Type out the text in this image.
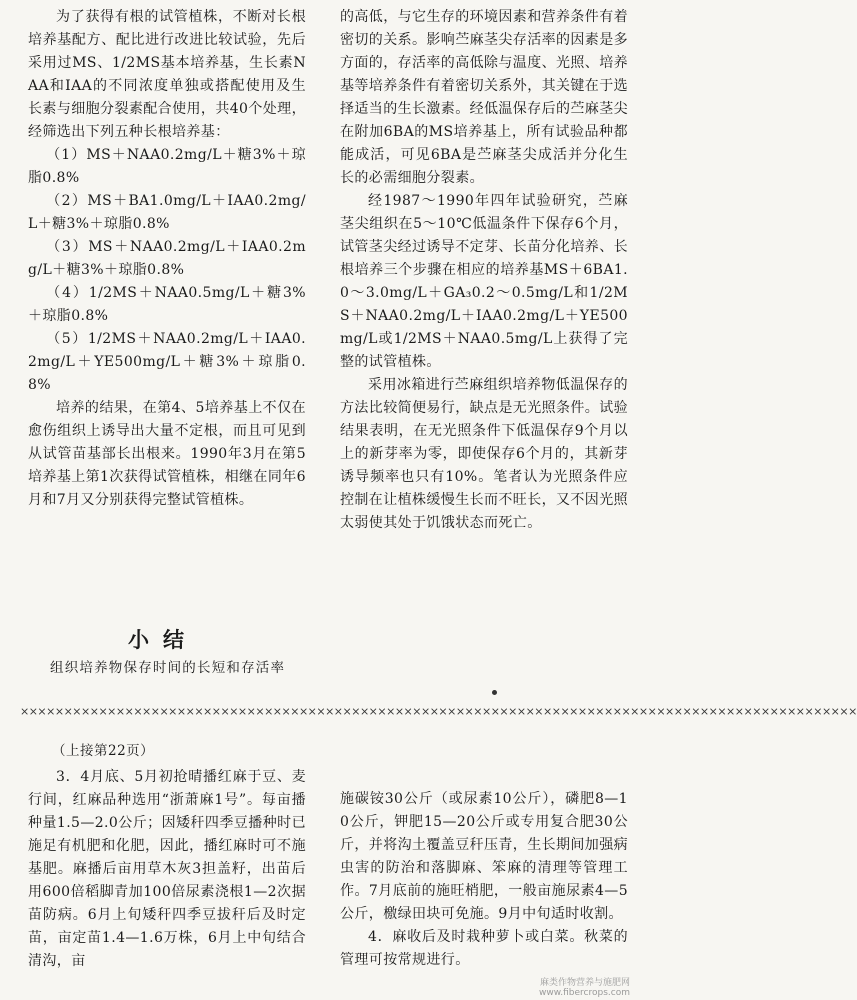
为了获得有根的试管植株，不断对长根培养基配方、配比进行改进比较试验，先后采用过MS、1/2MS基本培养基，生长素NAA和IAA的不同浓度单独或搭配使用及生长素与细胞分裂素配合使用，共40个处理，经筛选出下列五种长根培养基：

（1）MS＋NAA0.2mg/L＋糖3%＋琼脂0.8%

（2）MS＋BA1.0mg/L＋IAA0.2mg/L＋糖3%＋琼脂0.8%

（3）MS＋NAA0.2mg/L＋IAA0.2mg/L＋糖3%＋琼脂0.8%

（4）1/2MS＋NAA0.5mg/L＋糖3%＋琼脂0.8%

（5）1/2MS＋NAA0.2mg/L＋IAA0.2mg/L＋YE500mg/L＋糖3%＋琼脂0.8%

培养的结果，在第4、5培养基上不仅在愈伤组织上诱导出大量不定根，而且可见到从试管苗基部长出根来。1990年3月在第5培养基上第1次获得试管植株，相继在同年6月和7月又分别获得完整试管植株。

小结
组织培养物保存时间的长短和存活率

的高低，与它生存的环境因素和营养条件有着密切的关系。影响苎麻茎尖存活率的因素是多方面的，存活率的高低除与温度、光照、培养基等培养条件有着密切关系外，其关键在于选择适当的生长激素。经低温保存后的苎麻茎尖在附加6BA的MS培养基上，所有试验品种都能成活，可见6BA是苎麻茎尖成活并分化生长的必需细胞分裂素。

经1987～1990年四年试验研究，苎麻茎尖组织在5～10℃低温条件下保存6个月，试管茎尖经过诱导不定芽、长苗分化培养、长根培养三个步骤在相应的培养基MS＋6BA1.0～3.0mg/L＋GA₃0.2～0.5mg/L和1/2MS＋NAA0.2mg/L＋IAA0.2mg/L＋YE500mg/L或1/2MS＋NAA0.5mg/L上获得了完整的试管植株。

采用冰箱进行苎麻组织培养物低温保存的方法比较简便易行，缺点是无光照条件。试验结果表明，在无光照条件下低温保存9个月以上的新芽率为零，即使保存6个月的，其新芽诱导频率也只有10%。笔者认为光照条件应控制在让植株缓慢生长而不旺长，又不因光照太弱使其处于饥饿状态而死亡。

××××××××××××××××××××××××××××××××××××××××××××××××××××××××××××××××××××××××××××××××××××××××××××××××
（上接第22页）

3．4月底、5月初抢晴播红麻于豆、麦行间，红麻品种选用“浙萧麻1号”。每亩播种量1.5—2.0公斤；因矮秆四季豆播种时已施足有机肥和化肥，因此，播红麻时可不施基肥。麻播后亩用草木灰3担盖籽，出苗后用600倍稻脚青加100倍尿素浇根1—2次据苗防病。6月上旬矮秆四季豆拔秆后及时定苗，亩定苗1.4—1.6万株，6月上中旬结合清沟，亩

施碳铵30公斤（或尿素10公斤），磷肥8—10公斤，钾肥15—20公斤或专用复合肥30公斤，并将沟土覆盖豆秆压青，生长期间加强病虫害的防治和落脚麻、笨麻的清理等管理工作。7月底前的施旺梢肥，一般亩施尿素4—5公斤，檄绿田块可免施。9月中旬适时收割。

4．麻收后及时栽种萝卜或白菜。秋菜的管理可按常规进行。

麻类作物营养与施肥网
www.fibercrops.com
